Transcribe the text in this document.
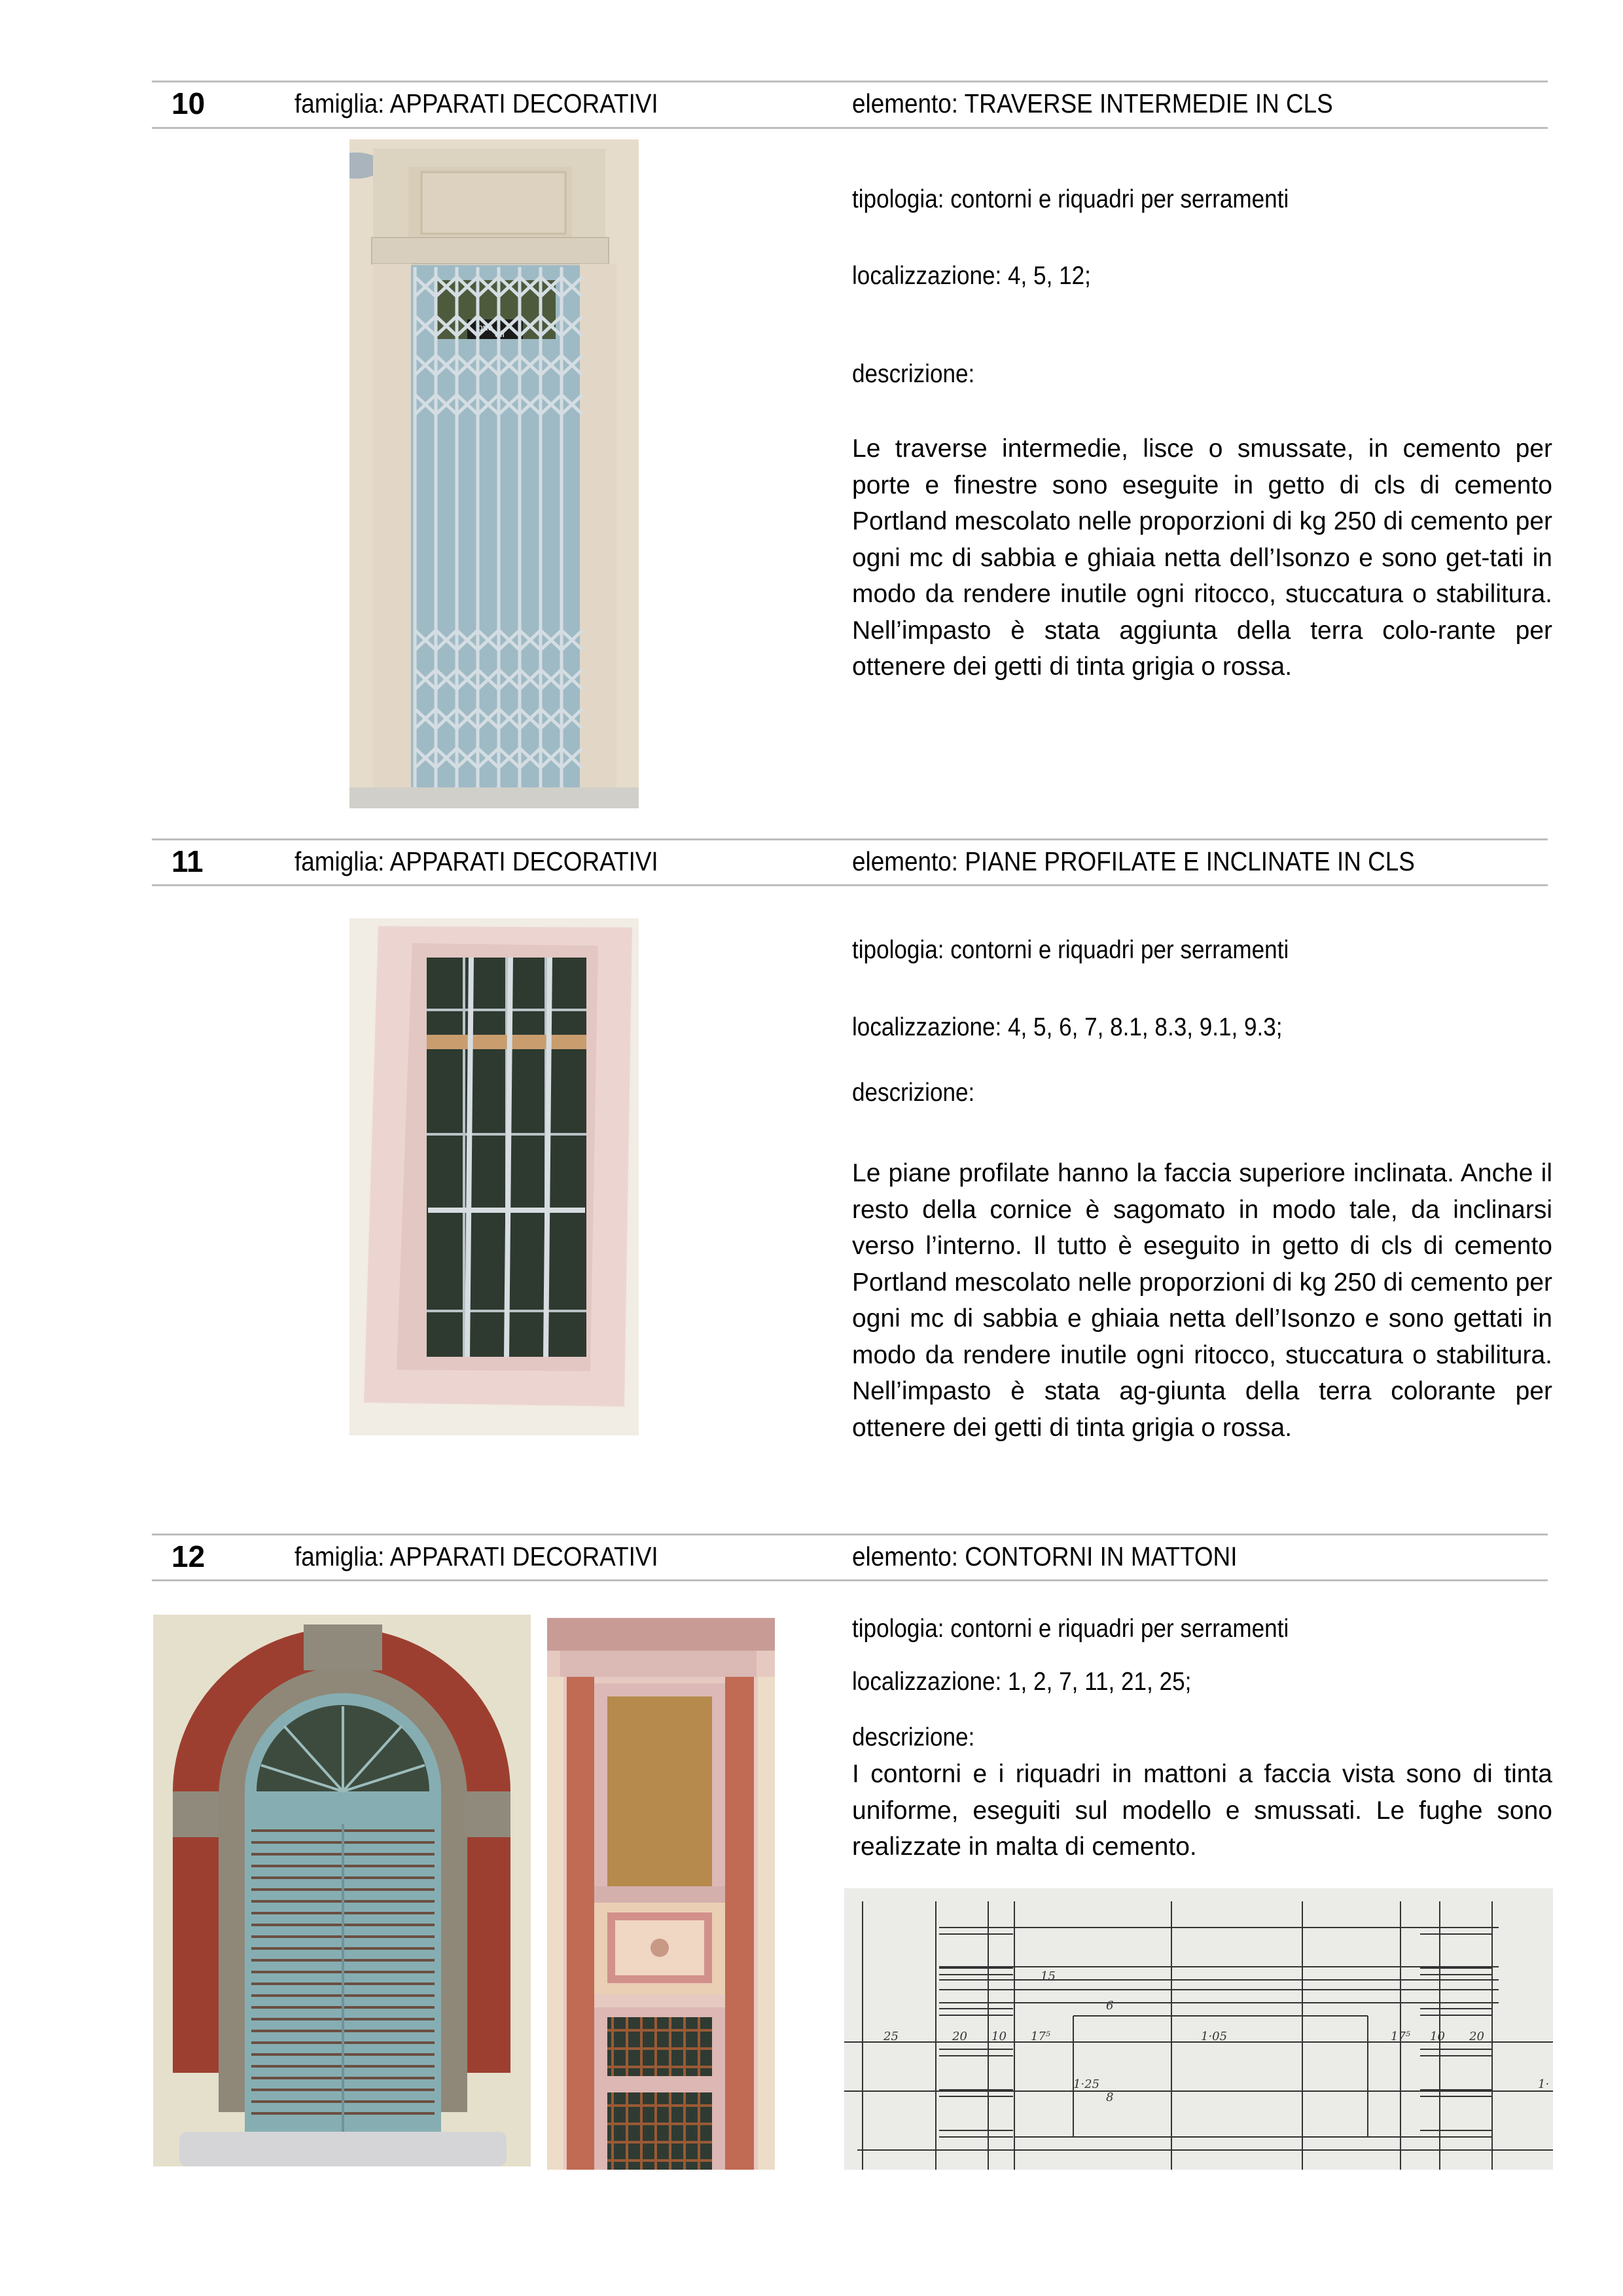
10	famiglia: APPARATI DECORATIVI	elemento: TRAVERSE INTERMEDIE IN CLS
one
off
tipologia: contorni e riquadri per serramenti
localizzazione: 4, 5, 12;
descrizione:
Le traverse intermedie, lisce o smussate, in cemento per porte e finestre sono eseguite in getto di cls di cemento Portland mescolato nelle proporzioni di kg 250 di cemento per ogni mc di sabbia e ghiaia netta dell’Isonzo e sono get-tati in modo da rendere inutile ogni ritocco, stuccatura o stabilitura. Nell’impasto è stata aggiunta della terra colo-rante per ottenere dei getti di tinta grigia o rossa.
11	famiglia: APPARATI DECORATIVI	elemento: PIANE PROFILATE E INCLINATE IN CLS
tipologia: contorni e riquadri per serramenti
localizzazione: 4, 5, 6, 7, 8.1, 8.3, 9.1, 9.3;
descrizione:
Le piane profilate hanno la faccia superiore inclinata. Anche il resto della cornice è sagomato in modo tale, da inclinarsi verso l’interno. Il tutto è eseguito in getto di cls di cemento Portland mescolato nelle proporzioni di kg 250 di cemento per ogni mc di sabbia e ghiaia netta dell’Isonzo e sono gettati in modo da rendere inutile ogni ritocco, stuccatura o stabilitura. Nell’impasto è stata ag-giunta della terra colorante per ottenere dei getti di tinta grigia o rossa.
12	famiglia: APPARATI DECORATIVI	elemento: CONTORNI IN MATTONI
tipologia: contorni e riquadri per serramenti
localizzazione: 1, 2, 7, 11, 21, 25;
descrizione:
I contorni e i riquadri in mattoni a faccia vista sono di tinta uniforme, eseguiti sul modello e smussati. Le fughe sono realizzate in malta di cemento.
25	20 10 17⁵	1·05	17⁵ 10 20
1·25
15
6
8
1·
